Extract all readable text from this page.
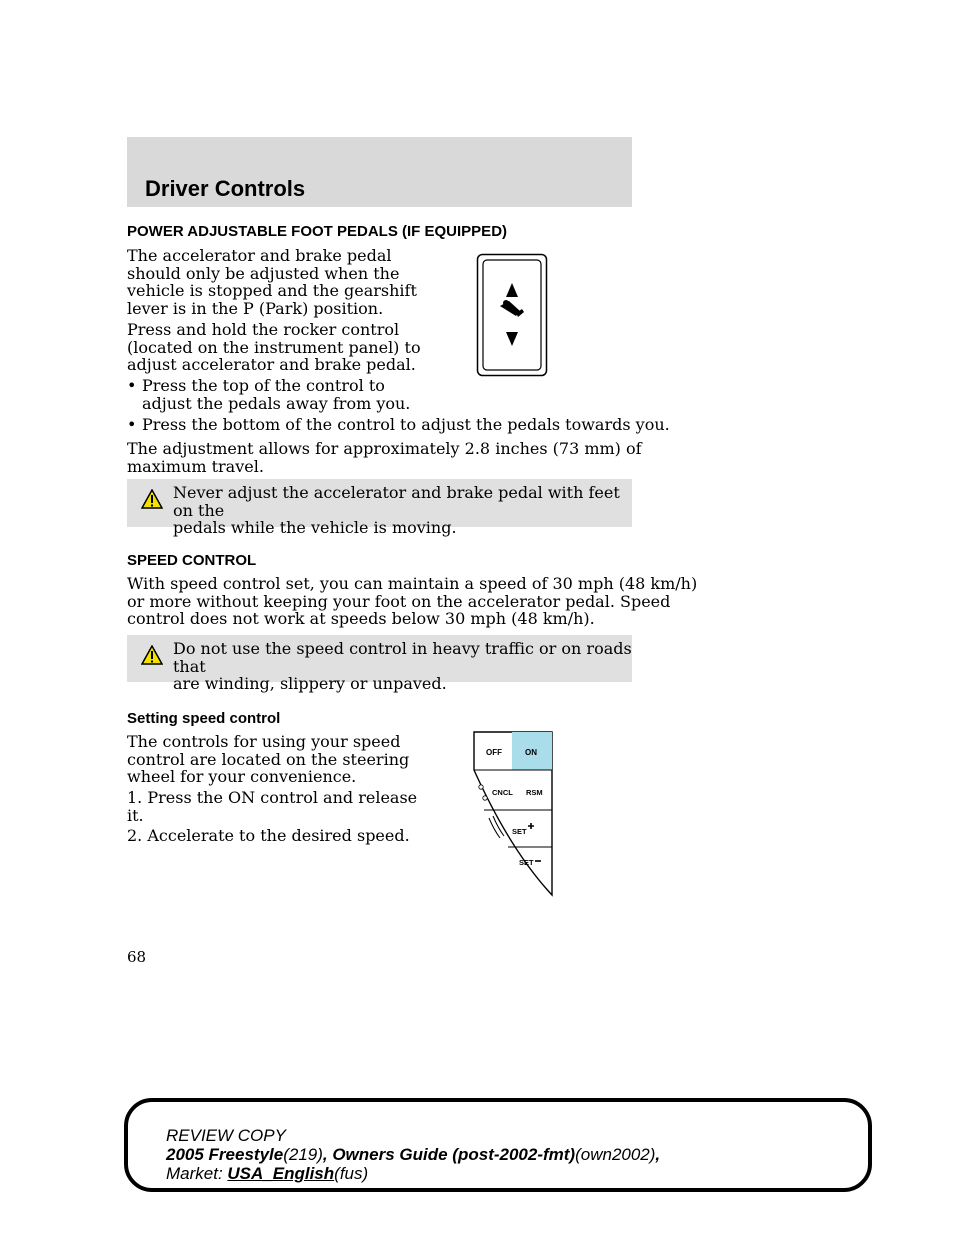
Driver Controls
POWER ADJUSTABLE FOOT PEDALS (IF EQUIPPED)
The accelerator and brake pedal
should only be adjusted when the
vehicle is stopped and the gearshift
lever is in the P (Park) position.
Press and hold the rocker control
(located on the instrument panel) to
adjust accelerator and brake pedal.
• Press the top of the control to
adjust the pedals away from you.
• Press the bottom of the control to adjust the pedals towards you.
The adjustment allows for approximately 2.8 inches (73 mm) of
maximum travel.
Never adjust the accelerator and brake pedal with feet on the
pedals while the vehicle is moving.
SPEED CONTROL
With speed control set, you can maintain a speed of 30 mph (48 km/h)
or more without keeping your foot on the accelerator pedal. Speed
control does not work at speeds below 30 mph (48 km/h).
Do not use the speed control in heavy traffic or on roads that
are winding, slippery or unpaved.
Setting speed control
The controls for using your speed
control are located on the steering
wheel for your convenience.
1. Press the ON control and release
it.
2. Accelerate to the desired speed.
OFF	ON
CNCL RSM
SET
SET
68
REVIEW COPY
2005 Freestyle(219), Owners Guide (post-2002-fmt)(own2002),
Market: USA_English(fus)
